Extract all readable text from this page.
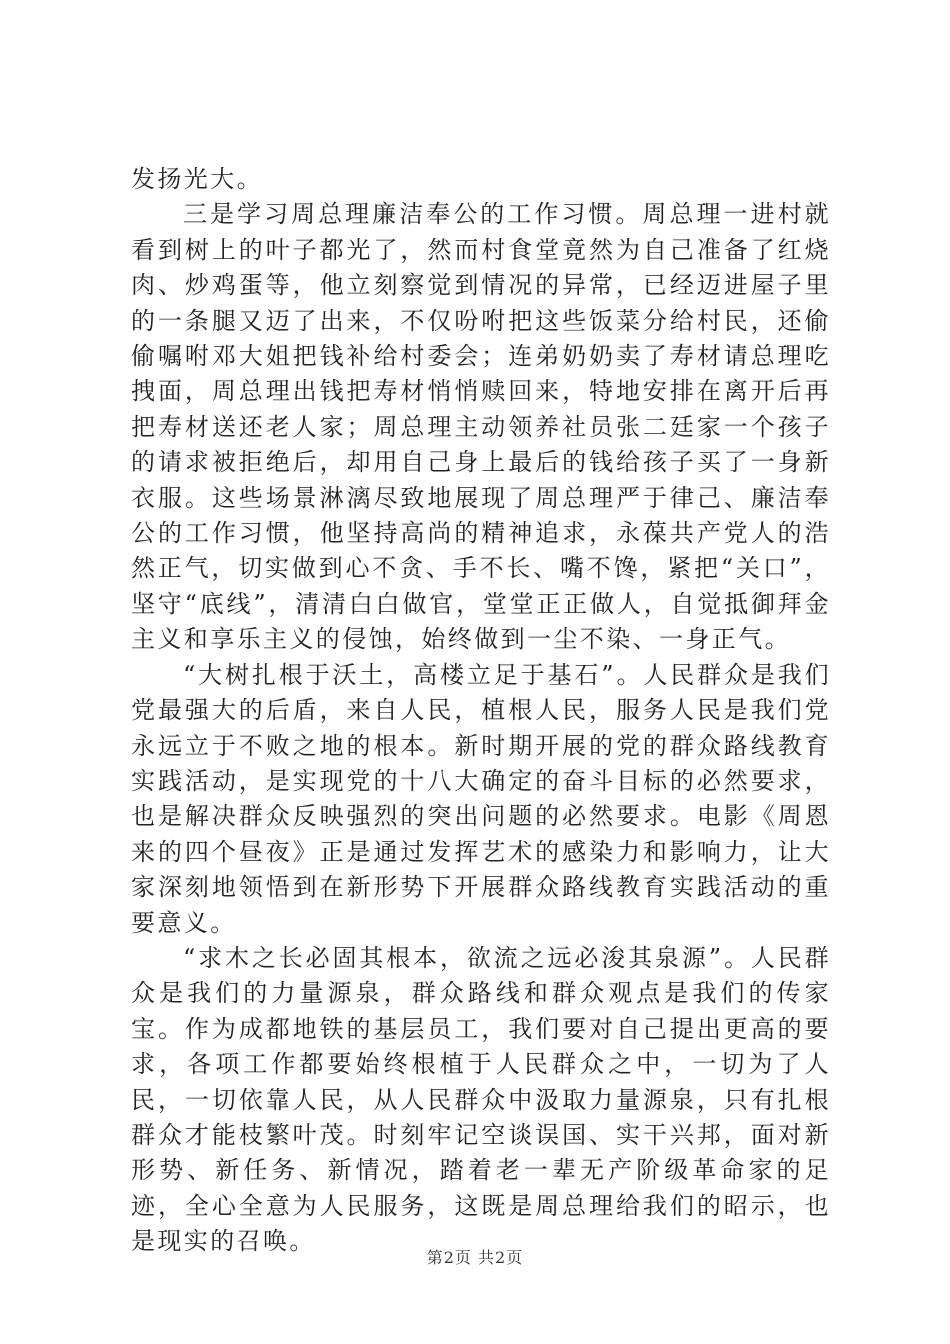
发扬光大。

三是学习周总理廉洁奉公的工作习惯。周总理一进村就看到树上的叶子都光了，然而村食堂竟然为自己准备了红烧肉、炒鸡蛋等，他立刻察觉到情况的异常，已经迈进屋子里的一条腿又迈了出来，不仅吩咐把这些饭菜分给村民，还偷偷嘱咐邓大姐把钱补给村委会；连弟奶奶卖了寿材请总理吃拽面，周总理出钱把寿材悄悄赎回来，特地安排在离开后再把寿材送还老人家；周总理主动领养社员张二廷家一个孩子的请求被拒绝后，却用自己身上最后的钱给孩子买了一身新衣服。这些场景淋漓尽致地展现了周总理严于律己、廉洁奉公的工作习惯，他坚持高尚的精神追求，永葆共产党人的浩然正气，切实做到心不贪、手不长、嘴不馋，紧把“关口”，坚守“底线”，清清白白做官，堂堂正正做人，自觉抵御拜金主义和享乐主义的侵蚀，始终做到一尘不染、一身正气。

“大树扎根于沃土，高楼立足于基石”。人民群众是我们党最强大的后盾，来自人民，植根人民，服务人民是我们党永远立于不败之地的根本。新时期开展的党的群众路线教育实践活动，是实现党的十八大确定的奋斗目标的必然要求，也是解决群众反映强烈的突出问题的必然要求。电影《周恩来的四个昼夜》正是通过发挥艺术的感染力和影响力，让大家深刻地领悟到在新形势下开展群众路线教育实践活动的重要意义。

“求木之长必固其根本，欲流之远必浚其泉源”。人民群众是我们的力量源泉，群众路线和群众观点是我们的传家宝。作为成都地铁的基层员工，我们要对自己提出更高的要求，各项工作都要始终根植于人民群众之中，一切为了人民，一切依靠人民，从人民群众中汲取力量源泉，只有扎根群众才能枝繁叶茂。时刻牢记空谈误国、实干兴邦，面对新形势、新任务、新情况，踏着老一辈无产阶级革命家的足迹，全心全意为人民服务，这既是周总理给我们的昭示，也是现实的召唤。

第2页 共2页
